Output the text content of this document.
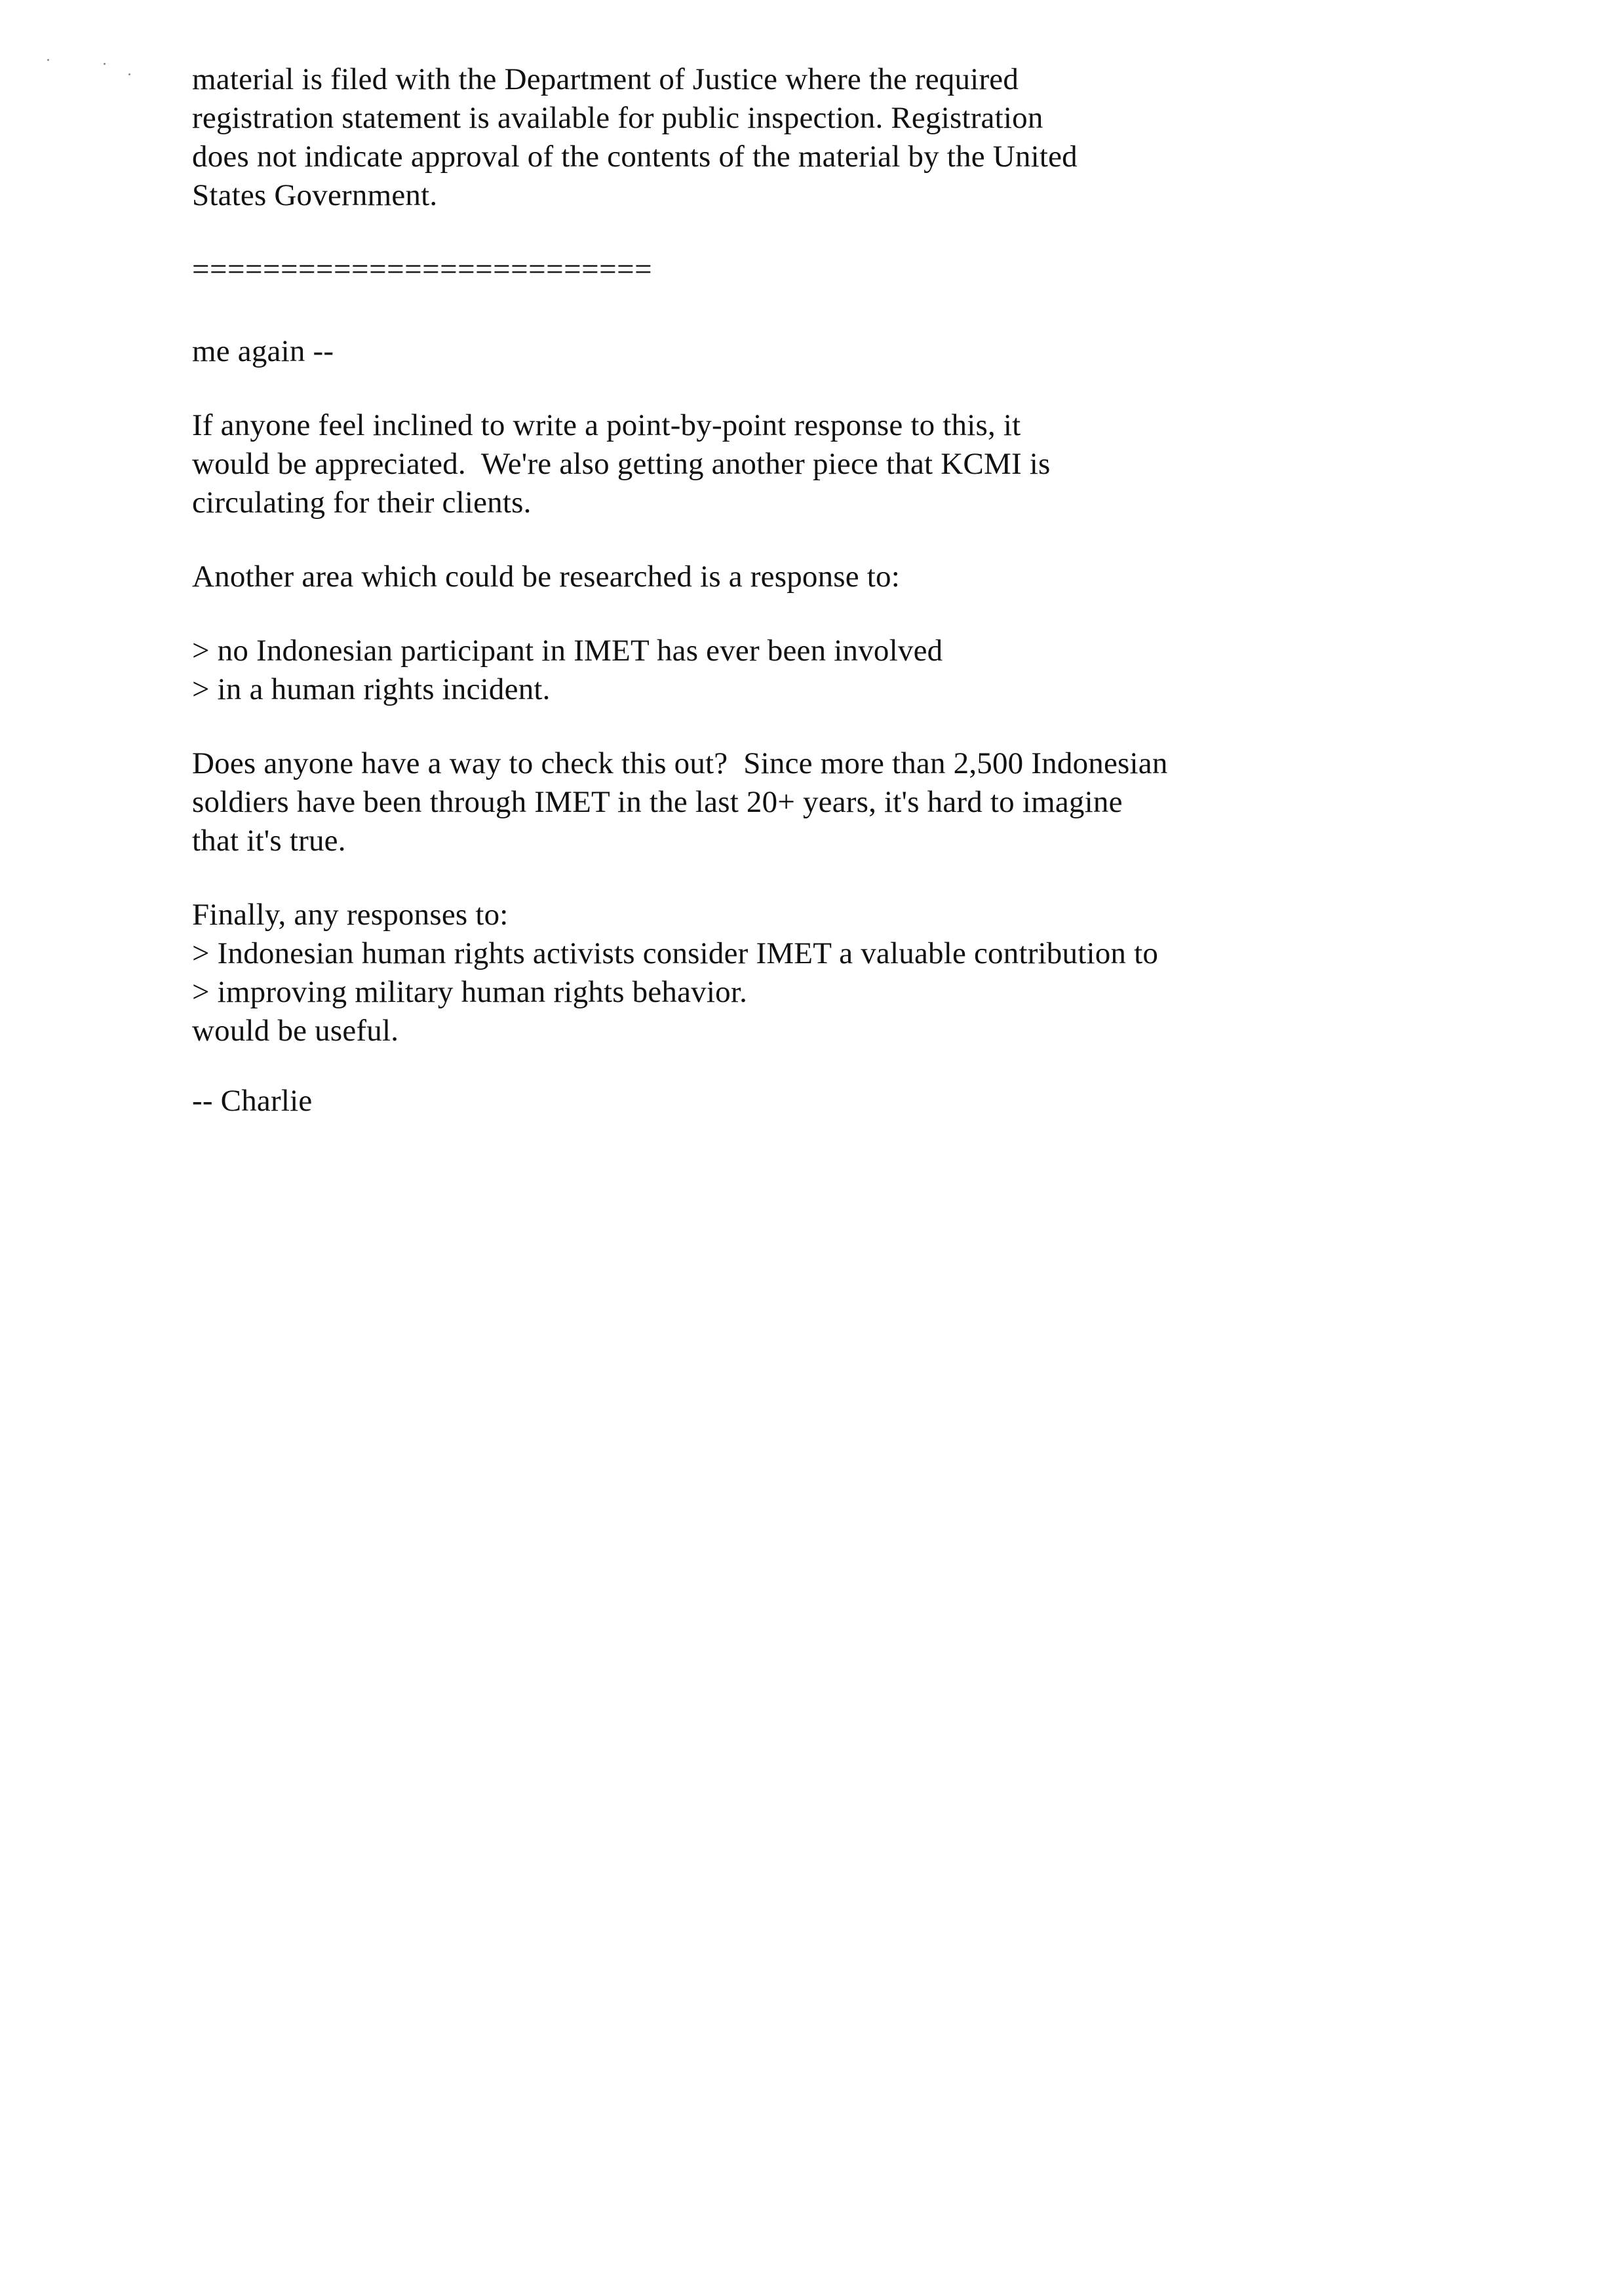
material is filed with the Department of Justice where the required
registration statement is available for public inspection. Registration
does not indicate approval of the contents of the material by the United
States Government.
==========================
me again --
If anyone feel inclined to write a point-by-point response to this, it
would be appreciated.  We're also getting another piece that KCMI is
circulating for their clients.
Another area which could be researched is a response to:
> no Indonesian participant in IMET has ever been involved
> in a human rights incident.
Does anyone have a way to check this out?  Since more than 2,500 Indonesian
soldiers have been through IMET in the last 20+ years, it's hard to imagine
that it's true.
Finally, any responses to:
> Indonesian human rights activists consider IMET a valuable contribution to
> improving military human rights behavior.
would be useful.
-- Charlie
